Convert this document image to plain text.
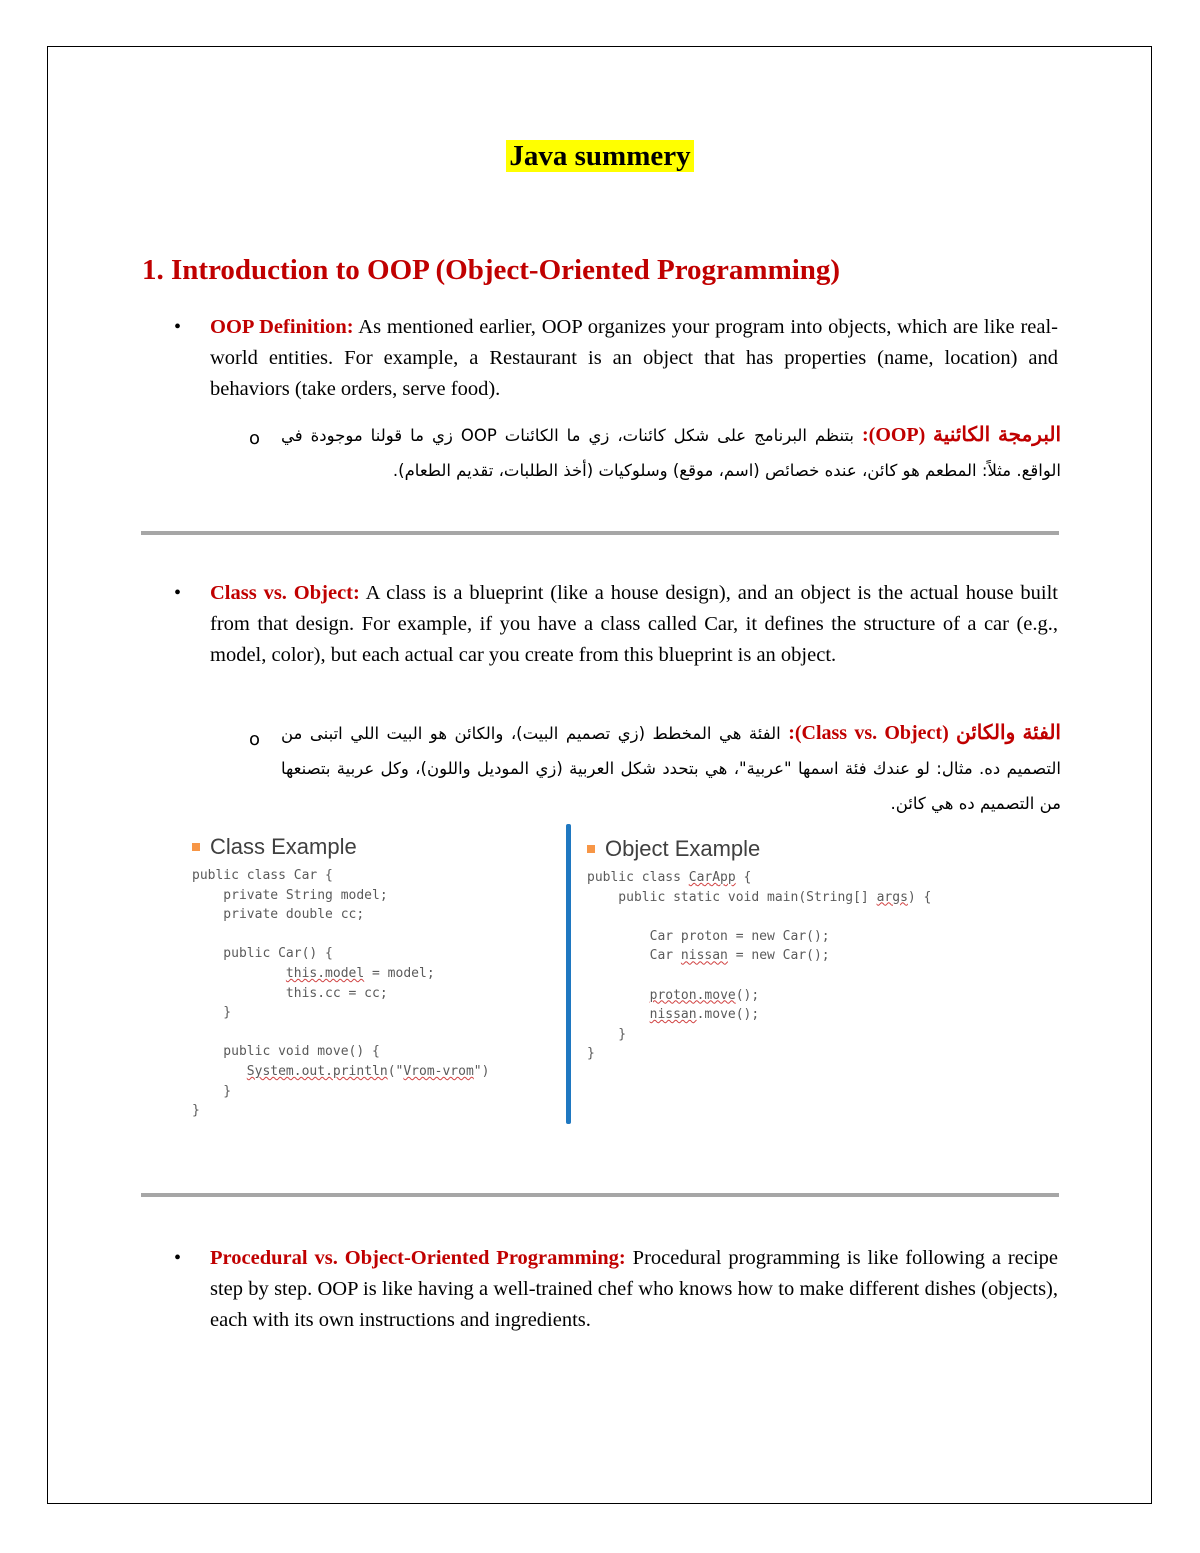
Java summery
1. Introduction to OOP (Object-Oriented Programming)
• OOP Definition: As mentioned earlier, OOP organizes your program into objects, which are like real-world entities. For example, a Restaurant is an object that has properties (name, location) and behaviors (take orders, serve food).

o	البرمجة الكائنية (OOP): بتنظم البرنامج على شكل كائنات، زي ما الكائنات OOP زي ما قولنا موجودة في الواقع. مثلاً: المطعم هو كائن، عنده خصائص (اسم، موقع) وسلوكيات (أخذ الطلبات، تقديم الطعام).

• Class vs. Object: A class is a blueprint (like a house design), and an object is the actual house built from that design. For example, if you have a class called Car, it defines the structure of a car (e.g., model, color), but each actual car you create from this blueprint is an object.

o	الفئة والكائن (Class vs. Object): الفئة هي المخطط (زي تصميم البيت)، والكائن هو البيت اللي اتبنى من التصميم ده. مثال: لو عندك فئة اسمها "عربية"، هي بتحدد شكل العربية (زي الموديل واللون)، وكل عربية بتصنعها من التصميم ده هي كائن.

Class Example
public class Car {
private String model;
private double cc;

public Car() {
this.model = model;
this.cc = cc;
}

public void move() {
System.out.println("Vrom-vrom")
}
}
Object Example
public class CarApp {
public static void main(String[] args) {

Car proton = new Car();
Car nissan = new Car();

proton.move();
nissan.move();
}
}
• Procedural vs. Object-Oriented Programming: Procedural programming is like following a recipe step by step. OOP is like having a well-trained chef who knows how to make different dishes (objects), each with its own instructions and ingredients.
